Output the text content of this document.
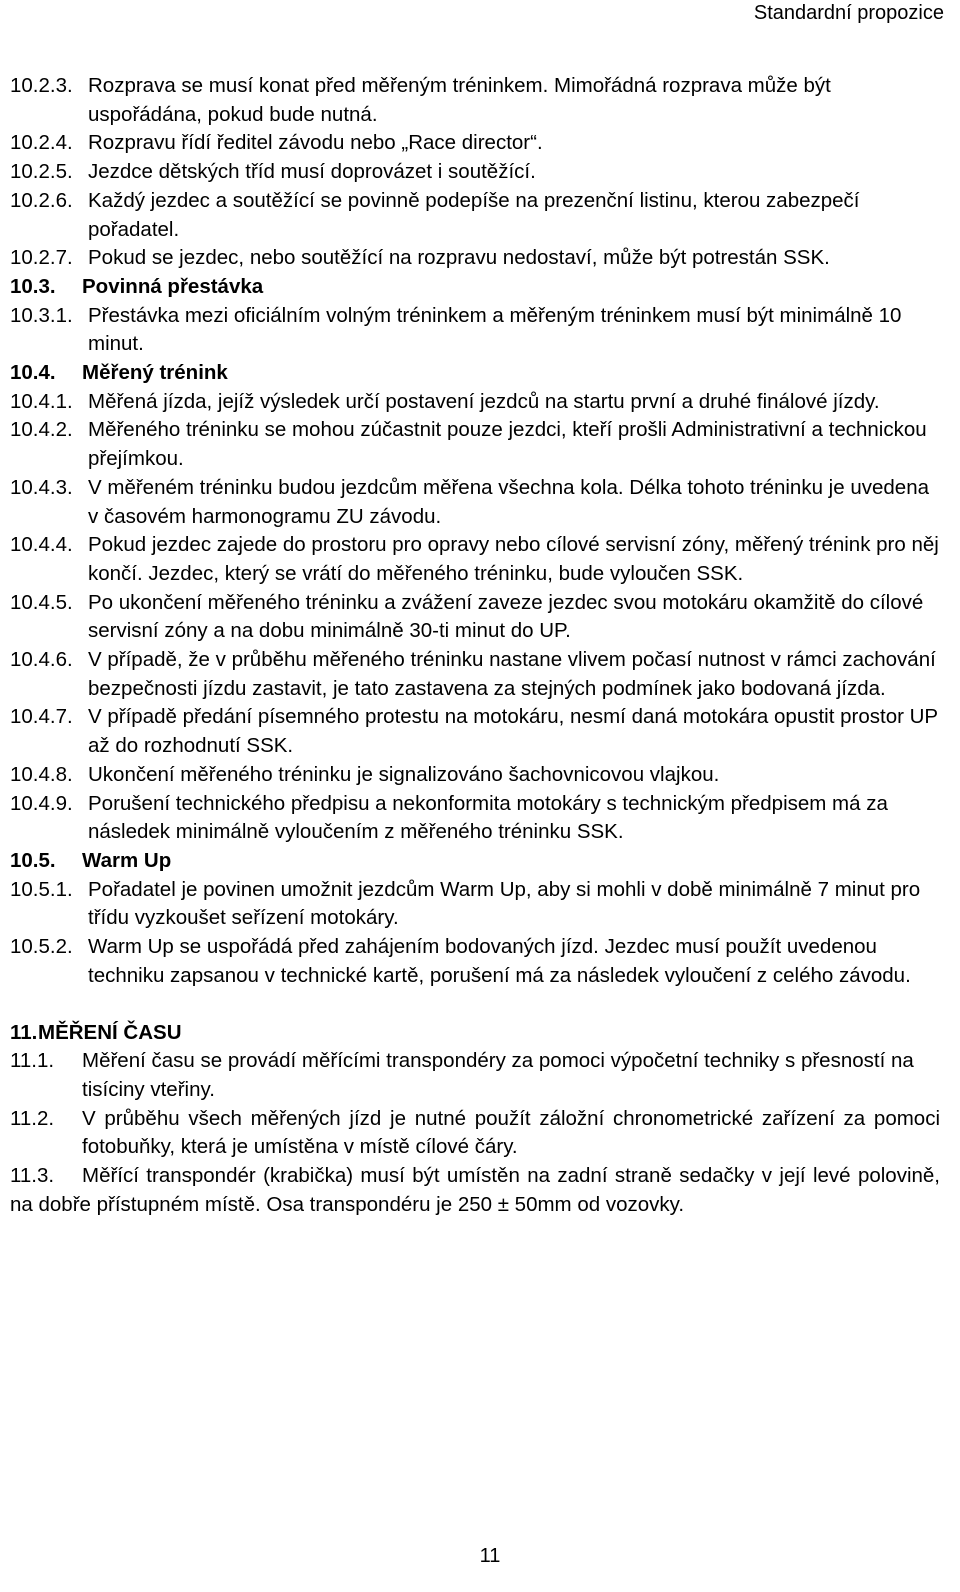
Standardní propozice
10.2.3. Rozprava se musí konat před měřeným tréninkem. Mimořádná rozprava může být uspořádána, pokud bude nutná.
10.2.4. Rozpravu řídí ředitel závodu nebo „Race director“.
10.2.5. Jezdce dětských tříd musí doprovázet i soutěžící.
10.2.6. Každý jezdec a soutěžící se povinně podepíše na prezenční listinu, kterou zabezpečí pořadatel.
10.2.7. Pokud se jezdec, nebo soutěžící na rozpravu nedostaví, může být potrestán SSK.
10.3.	Povinná přestávka
10.3.1. Přestávka mezi oficiálním volným tréninkem a měřeným tréninkem musí být minimálně 10 minut.
10.4.	Měřený trénink
10.4.1. Měřená jízda, jejíž výsledek určí postavení jezdců na startu první a druhé finálové jízdy.
10.4.2. Měřeného tréninku se mohou zúčastnit pouze jezdci, kteří prošli Administrativní a technickou přejímkou.
10.4.3. V měřeném tréninku budou jezdcům měřena všechna kola. Délka tohoto tréninku je uvedena v časovém harmonogramu ZU závodu.
10.4.4. Pokud jezdec zajede do prostoru pro opravy nebo cílové servisní zóny, měřený trénink pro něj končí. Jezdec, který se vrátí do měřeného tréninku, bude vyloučen SSK.
10.4.5. Po ukončení měřeného tréninku a zvážení zaveze jezdec svou motokáru okamžitě do cílové servisní zóny a na dobu minimálně 30-ti minut do UP.
10.4.6. V případě, že v průběhu měřeného tréninku nastane vlivem počasí nutnost v rámci zachování bezpečnosti jízdu zastavit, je tato zastavena za stejných podmínek jako bodovaná jízda.
10.4.7. V případě předání písemného protestu na motokáru, nesmí daná motokára opustit prostor UP až do rozhodnutí SSK.
10.4.8. Ukončení měřeného tréninku je signalizováno šachovnicovou vlajkou.
10.4.9. Porušení technického předpisu a nekonformita motokáry s technickým předpisem má za následek minimálně vyloučením z měřeného tréninku SSK.
10.5.	Warm Up
10.5.1. Pořadatel je povinen umožnit jezdcům Warm Up, aby si mohli v době minimálně 7 minut pro třídu vyzkoušet seřízení motokáry.
10.5.2. Warm Up se uspořádá před zahájením bodovaných jízd. Jezdec musí použít uvedenou techniku zapsanou v technické kartě, porušení má za následek vyloučení z celého závodu.
11. MĚŘENÍ ČASU
11.1.	Měření času se provádí měřícími transpondéry za pomoci výpočetní techniky s přesností na tisíciny vteřiny.
11.2.	V průběhu všech měřených jízd je nutné použít záložní chronometrické zařízení za pomoci fotobuňky, která je umístěna v místě cílové čáry.
11.3. Měřící transpondér (krabička) musí být umístěn na zadní straně sedačky v její levé polovině, na dobře přístupném místě. Osa transpondéru je 250 ± 50mm od vozovky.
11
